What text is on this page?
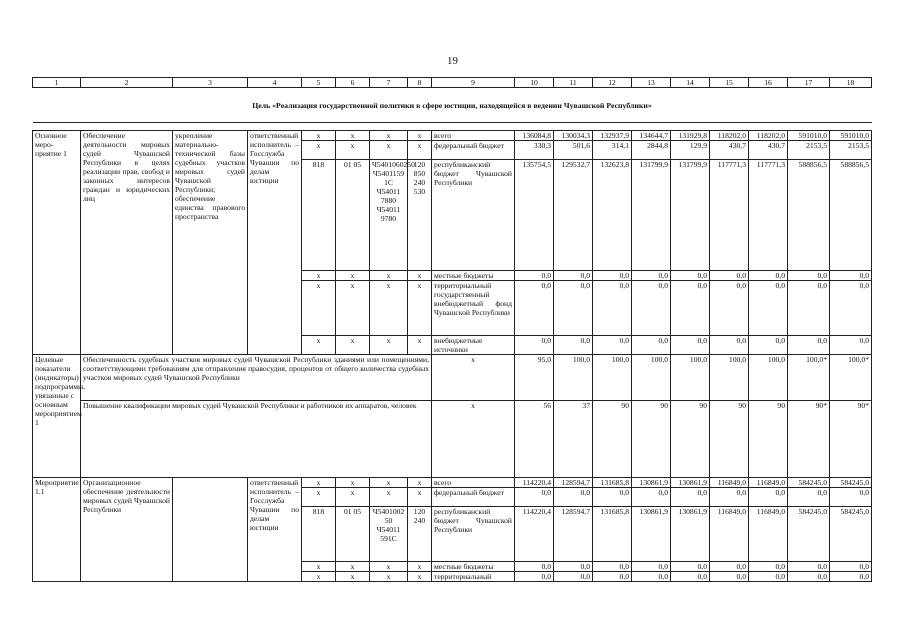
19
1	2	3	4	5	6	7	8	9	10	11	12	13	14	15	16	17	18
Цель «Реализация государственной политики в сфере юстиции, находящейся в ведении Чувашской Республики»																	

Основное меро-приятие 1	Обеспечение деятельности мировых судей Чувашской Республики в целях реализации прав, свобод и законных интересов граждан и юридических лиц	укрепление материально-технической базы судебных участков мировых судей Чувашской Республики; обеспечение единства правового пространства	ответственный исполнитель – Госслужба Чувашии по делам юстиции	x	x	x	x	всего	136084,8	130034,3	132937,9	134644,7	131929,8	118202,0	118202,0	591010,0	591010,0
				x	x	x	x	федеральный бюджет	330,3	501,6	314,1	2844,8	129,9	430,7	430,7	2153,5	2153,5
				818	01 05	Ч5401060250 Ч5401159 1C Ч54011 7880 Ч54011 9780	120 850 240 530	республиканский бюджет Чувашской Республики	135754,5	129532,7	132623,8	131799,9	131799,9	117771,3	117771,3	588856,5	588856,5
				x	x	x	x	местные бюджеты	0,0	0,0	0,0	0,0	0,0	0,0	0,0	0,0	0,0
				x	x	x	x	территориальный государственный внебюджетный фонд Чувашской Республики	0,0	0,0	0,0	0,0	0,0	0,0	0,0	0,0	0,0
				x	x	x	x	внебюджетные источники	0,0	0,0	0,0	0,0	0,0	0,0	0,0	0,0	0,0
Целевые показатели (индикаторы) подпрограммы, увязанные с основным мероприятием 1	Обеспеченность судебных участков мировых судей Чувашской Республики зданиями или помещениями, соответствующими требованиям для отправления правосудия, процентов от общего количества судебных участков мировых судей Чувашской Республики							x	95,0	100,0	100,0	100,0	100,0	100,0	100,0	100,0*	100,0*
	Повышение квалификации мировых судей Чувашской Республики и работников их аппаратов, человек							x	56	37	90	90	90	90	90	90*	90*
Мероприятие 1.1	Организационное обеспечение деятельности мировых судей Чувашской Республики		ответственный исполнитель – Госслужба Чувашии по делам юстиции	x	x	x	x	всего	114220,4	128594,7	131685,8	130861,9	130861,9	116849,0	116849,0	584245,0	584245,0
				x	x	x	x	федеральный бюджет	0,0	0,0	0,0	0,0	0,0	0,0	0,0	0,0	0,0
				818	01 05	Ч5401002 50 Ч54011 591C	120 240	республиканский бюджет Чувашской Республики	114220,4	128594,7	131685,8	130861,9	130861,9	116849,0	116849,0	584245,0	584245,0
				x	x	x	x	местные бюджеты	0,0	0,0	0,0	0,0	0,0	0,0	0,0	0,0	0,0
				x	x	x	x	территориальный	0,0	0,0	0,0	0,0	0,0	0,0	0,0	0,0	0,0
